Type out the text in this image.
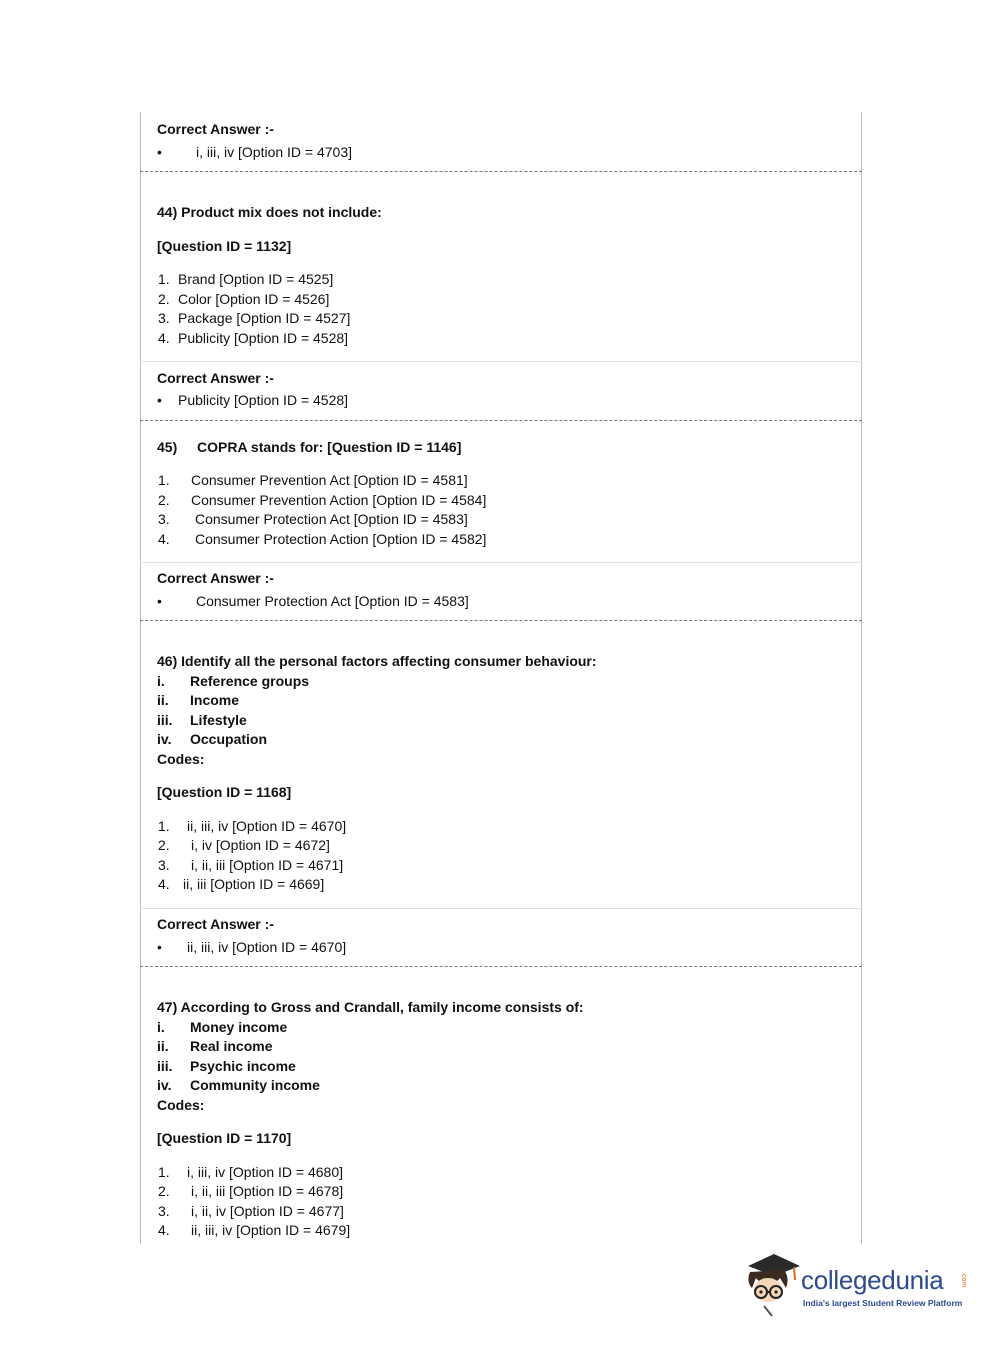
Correct Answer :-
• i, iii, iv [Option ID = 4703]
44) Product mix does not include:
[Question ID = 1132]
1. Brand [Option ID = 4525]
2. Color [Option ID = 4526]
3. Package [Option ID = 4527]
4. Publicity [Option ID = 4528]
Correct Answer :-
• Publicity [Option ID = 4528]
45) COPRA stands for: [Question ID = 1146]
1. Consumer Prevention Act [Option ID = 4581]
2. Consumer Prevention Action [Option ID = 4584]
3. Consumer Protection Act [Option ID = 4583]
4. Consumer Protection Action [Option ID = 4582]
Correct Answer :-
• Consumer Protection Act [Option ID = 4583]
46) Identify all the personal factors affecting consumer behaviour:
i. Reference groups
ii. Income
iii. Lifestyle
iv. Occupation
Codes:
[Question ID = 1168]
1. ii, iii, iv [Option ID = 4670]
2. i, iv [Option ID = 4672]
3. i, ii, iii [Option ID = 4671]
4. ii, iii [Option ID = 4669]
Correct Answer :-
• ii, iii, iv [Option ID = 4670]
47) According to Gross and Crandall, family income consists of:
i. Money income
ii. Real income
iii. Psychic income
iv. Community income
Codes:
[Question ID = 1170]
1. i, iii, iv [Option ID = 4680]
2. i, ii, iii [Option ID = 4678]
3. i, ii, iv [Option ID = 4677]
4. ii, iii, iv [Option ID = 4679]
collegedunia .com
India's largest Student Review Platform
